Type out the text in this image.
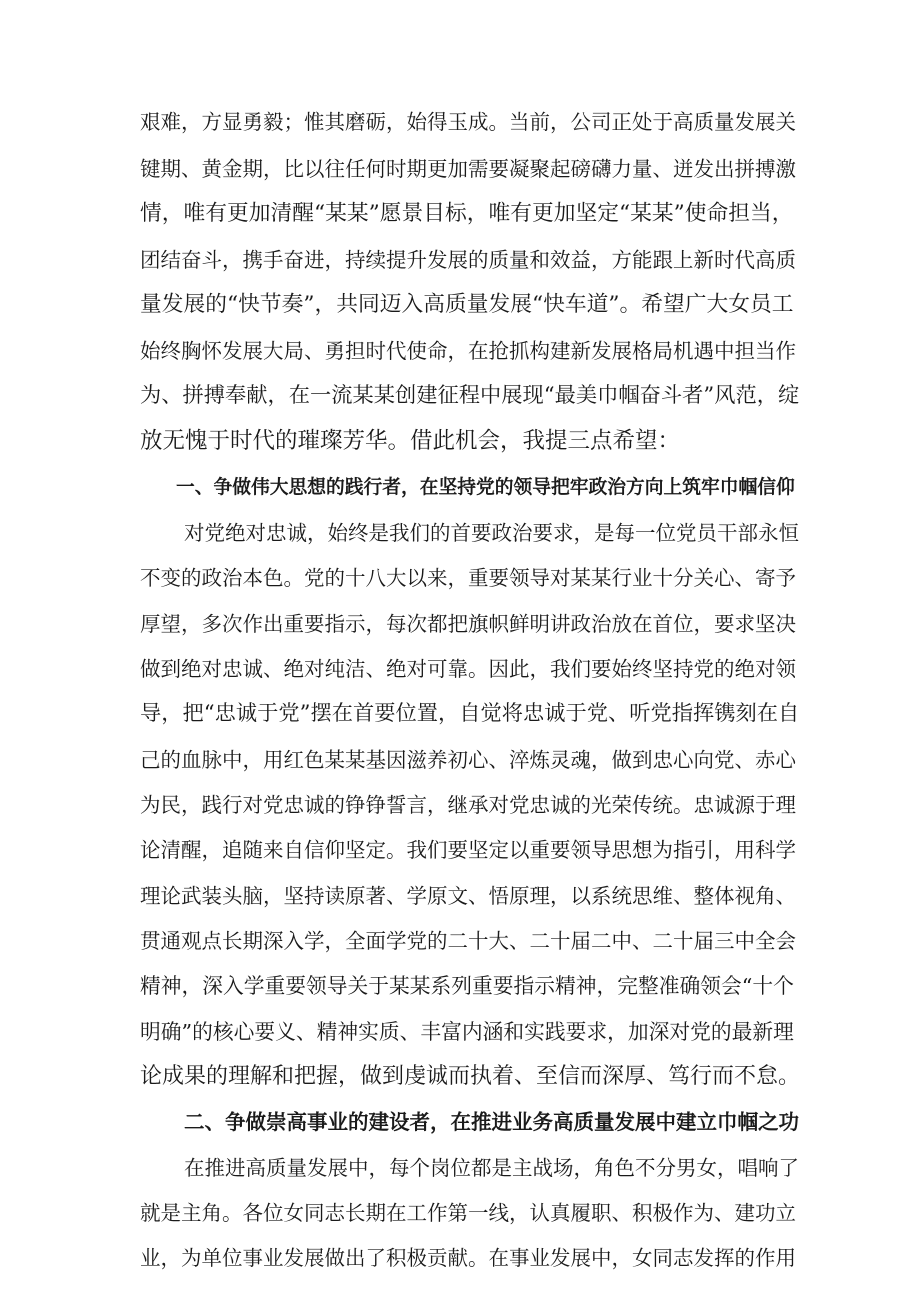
艰难，方显勇毅；惟其磨砺，始得玉成。当前，公司正处于高质量发展关
键期、黄金期，比以往任何时期更加需要凝聚起磅礴力量、迸发出拼搏激
情，唯有更加清醒“某某”愿景目标，唯有更加坚定“某某”使命担当，
团结奋斗，携手奋进，持续提升发展的质量和效益，方能跟上新时代高质
量发展的“快节奏”，共同迈入高质量发展“快车道”。希望广大女员工
始终胸怀发展大局、勇担时代使命，在抢抓构建新发展格局机遇中担当作
为、拼搏奉献，在一流某某创建征程中展现“最美巾帼奋斗者”风范，绽
放无愧于时代的璀璨芳华。借此机会，我提三点希望：
一、争做伟大思想的践行者，在坚持党的领导把牢政治方向上筑牢巾帼信仰
对党绝对忠诚，始终是我们的首要政治要求，是每一位党员干部永恒
不变的政治本色。党的十八大以来，重要领导对某某行业十分关心、寄予
厚望，多次作出重要指示，每次都把旗帜鲜明讲政治放在首位，要求坚决
做到绝对忠诚、绝对纯洁、绝对可靠。因此，我们要始终坚持党的绝对领
导，把“忠诚于党”摆在首要位置，自觉将忠诚于党、听党指挥镌刻在自
己的血脉中，用红色某某基因滋养初心、淬炼灵魂，做到忠心向党、赤心
为民，践行对党忠诚的铮铮誓言，继承对党忠诚的光荣传统。忠诚源于理
论清醒，追随来自信仰坚定。我们要坚定以重要领导思想为指引，用科学
理论武装头脑，坚持读原著、学原文、悟原理，以系统思维、整体视角、
贯通观点长期深入学，全面学党的二十大、二十届二中、二十届三中全会
精神，深入学重要领导关于某某系列重要指示精神，完整准确领会“十个
明确”的核心要义、精神实质、丰富内涵和实践要求，加深对党的最新理
论成果的理解和把握，做到虔诚而执着、至信而深厚、笃行而不怠。
二、争做崇高事业的建设者，在推进业务高质量发展中建立巾帼之功
在推进高质量发展中，每个岗位都是主战场，角色不分男女，唱响了
就是主角。各位女同志长期在工作第一线，认真履职、积极作为、建功立
业，为单位事业发展做出了积极贡献。在事业发展中，女同志发挥的作用
